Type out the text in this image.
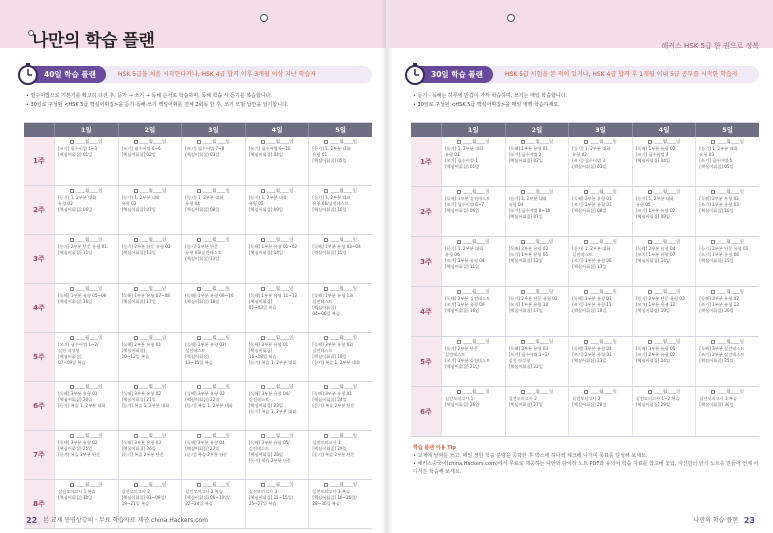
나만의 학습 플랜
40일 학습 플랜	HSK 5급을 처음 시작한다거나, HSK 4급 합격 이후 3개월 이상 지난 학습자
• 필수어법으로 기본기를 확고히 다진 후, 듣기 → 쓰기 → 독해 순서로 학습하며, 독해 학습 시 듣기를 복습합니다.
• 30일로 구성된 <HSK 5급 핵심어휘집>을 듣기·독해·쓰기 핵심어휘를 전체 2회독 한 후, 쓰기 모범 답안을 암기합니다.
1일	2일	3일	4일	5일
1주
____월____일
[쓰기] 필수어법 1~3
[핵심어휘집] 01일
____월____일
[쓰기] 필수어법 4~6
[핵심어휘집] 02일
____월____일
[쓰기] 필수어법 7~8
[핵심어휘집] 03일
____월____일
[쓰기] 필수어법 9~10
[핵심어휘집] 04일
____월____일
[듣기] 1, 2부분 대화
유형 01
[핵심어휘집] 05일
2주
____월____일
[듣기] 1, 2부분 대화
유형 02
[핵심어휘집] 06일
____월____일
[듣기] 1, 2부분 대화
유형 03
[핵심어휘집] 07일
____월____일
[듣기] 1, 2부분 대화
유형 04
[핵심어휘집] 08일
____월____일
[듣기] 1, 2부분 대화
유형 05
[핵심어휘집] 09일
____월____일
[듣기] 1, 2부분 대화
유형 06/실전테스트
[핵심어휘집] 10일
3주
____월____일
[듣기] 2부분 단문 유형 01
[핵심어휘집] 11일
____월____일
[듣기] 2부분 단문 유형 02
[핵심어휘집] 12일
____월____일
[듣기] 2부분 단문
유형 03/실전테스트
[핵심어휘집] 13일
____월____일
[독해] 1부분 유형 01~02
[핵심어휘집] 14일
____월____일
[독해] 1부분 유형 03~04
[핵심어휘집] 15일
4주
____월____일
[독해] 1부분 유형 05~06
[핵심어휘집] 16일
____월____일
[독해] 1부분 유형 07~08
[핵심어휘집] 17일
____월____일
[독해] 1부분 유형 09~10
[핵심어휘집] 18일
____월____일
[독해] 1부분 유형 11~12
[핵심어휘집]
01~03일 복습
____월____일
[독해] 1부분 유형 13/
실전테스트
[핵심어휘집]
04~06일 복습
5주
____월____일
[쓰기] 필수어법 1~2/
실전 적성형
[핵심어휘집]
07~09일 복습
____월____일
[독해] 2부분 유형 01
[핵심어휘집]
10~12일 복습
____월____일
[독해] 2부분 유형 02/
실전테스트
[핵심어휘집]
13~15일 복습
____월____일
[독해] 3부분 유형 01
[핵심어휘집]
16~18일 복습
[듣기] 복습 1, 2부분 대화
____월____일
[독해] 3부분 유형 02/
실전테스트
[핵심어휘집] 19일
[듣기] 복습 1, 2부분 대화
6주
____월____일
[독해] 3부분 유형 01
[핵심어휘집] 20일
[듣기] 복습 1, 2부분 대화
____월____일
[독해] 3부분 유형 02
[핵심어휘집] 21일
[듣기] 복습 1, 2부분 대화
____월____일
[독해] 3부분 유형 03
[핵심어휘집] 22일
[듣기] 복습 1, 2부분 대화
____월____일
[독해] 3부분 유형 04/
실전테스트
[핵심어휘집] 23일
[듣기] 복습 1, 2부분 대화
____월____일
[독해] 3부분 유형 01
[핵심어휘집] 24일
[듣기] 복습 2부분 단문
7주
____월____일
[독해] 3부분 유형 02
[핵심어휘집] 25일
[듣기] 복습 2부분 단문
____월____일
[독해] 3부분 유형 03
[핵심어휘집] 26일
[듣기] 복습 2부분 단문
____월____일
[독해] 3부분 유형 04
[핵심어휘집] 27일
[듣기] 복습 2부분 단문
____월____일
[독해] 3부분 유형 05/
실전테스트
[핵심어휘집] 28일
[듣기] 복습 2부분 단문
____월____일
실전모의고사 1
[핵심어휘집] 29일
[듣기] 복습 2부분 단문
8주
____월____일
실전모의고사 1 복습
[핵심어휘집] 30일
____월____일
실전모의고사 2
[핵심어휘집] 01~09일/
19~21일 복습
____월____일
실전모의고사 2 복습
[핵심어휘집] 06~10일/
22~24일 복습
____월____일
실전모의고사 3
[핵심어휘집] 11~15일/
25~27일 복습
____월____일
실전모의고사 3 복습
[핵심어휘집] 16~20일/
28~30일 복습
22 본 교재 동영상강의 · 무료 학습자료 제공 china.Hackers.com
해커스 HSK 5급 한 권으로 정복
30일 학습 플랜	HSK 5급 시험을 본 적이 있거나, HSK 4급 합격 후 1개월 이내 5급 공부를 시작한 학습자
• 듣기 · 독해는 하루에 반갑이 가까 학습하며, 쓰기는 매일 학습합니다.
• 30일로 구성된 <HSK 5급 핵심어휘집>을 매일 병행 학습하세요.
1일	2일	3일	4일	5일
1주
____월____일
[듣기] 1, 2부분 대화
유형 01
[쓰기] 필수어법 1
[핵심어휘집] 01일
____월____일
[독해] 1부분 유형 01
[쓰기] 필수어법 2
[핵심어휘집] 02일
____월____일
[듣기] 1, 2부분 대화
유형 02
[쓰기] 필수어법 3
[핵심어휘집] 03일
____월____일
[독해] 1부분 유형 02
[쓰기] 필수어법 4
[핵심어휘집] 04일
____월____일
[듣기] 1, 2부분 대화
유형 03
[쓰기] 필수어법 5
[핵심어휘집] 05일
2주
____월____일
[독해] 1부분 실전테스트
[쓰기] 필수어법 6~7
[핵심어휘집] 06일
____월____일
[듣기] 1, 2부분 대화
유형 04
[쓰기] 필수어법 8~10
[핵심어휘집] 07일
____월____일
[독해] 2부분 유형 01
[쓰기] 1부분 유형 01
[핵심어휘집] 08일
____월____일
[듣기] 1, 2부분 대화
유형 05
[쓰기] 1부분 유형 02
[핵심어휘집] 09일
____월____일
[독해] 2부분 유형 02
[쓰기] 1부분 유형 03
[핵심어휘집] 10일
3주
____월____일
[듣기] 1, 2부분 대화
유형 06
[쓰기] 1부분 유형 04
[핵심어휘집] 11일
____월____일
[독해] 2부분 유형 03
[쓰기] 1부분 유형 05
[핵심어휘집] 12일
____월____일
[듣기] 1, 2부분 대화
실전테스트
[쓰기] 1부분 유형 06
[핵심어휘집] 13일
____월____일
[독해] 2부분 유형 04
[쓰기] 1부분 유형 07
[핵심어휘집] 14일
____월____일
[듣기] 2부분 단문 유형 01
[쓰기] 1부분 유형 08
[핵심어휘집] 15일
4주
____월____일
[독해] 2부분 실전테스트
[쓰기] 1부분 유형 09
[핵심어휘집] 16일
____월____일
[듣기] 2부분 단문 유형 02
[쓰기] 1부분 유형 10
[핵심어휘집] 17일
____월____일
[독해] 3부분 유형 01
[쓰기] 1부분 유형 11
[핵심어휘집] 18일
____월____일
[듣기] 2부분 단문 유형 03
[쓰기] 1부분 유형 12
[핵심어휘집] 19일
____월____일
[독해] 3부분 유형 02
[쓰기] 1부분 유형 13
[핵심어휘집] 20일
5주
____월____일
[듣기] 2부분 단문
실전테스트
[쓰기] 1부분 실전테스트
[핵심어휘집] 21일
____월____일
[독해] 3부분 유형 03
[쓰기] 필수어법 1~2/
실전 적성형
[핵심어휘집] 22일
____월____일
[독해] 3부분 유형 04
[쓰기] 2부분 유형 01
[핵심어휘집] 23일
____월____일
[독해] 3부분 유형 05
[쓰기] 2부분 유형 02
[핵심어휘집] 24일
____월____일
[독해] 3부분 실전테스트
[쓰기] 2부분 실전테스트
[핵심어휘집] 25일
6주
____월____일
실전모의고사 1
[핵심어휘집] 26일
____월____일
실전모의고사 2
[핵심어휘집] 27일
____월____일
실전모의고사 3
[핵심어휘집] 28일
____월____일
실전모의고사 1~2 복습
[핵심어휘집] 29일
____월____일
실전모의고사 3 복습
[핵심어휘집] 30일
학습 플랜 이용 Tip
• 교재에 날짜를 쓰고, 매일 정한 학습 분량을 공략한 후 박스에 하나씩 체크해 나가며 목표를 달성해 보세요.
• 해커스중국어(china.Hackers.com)에서 무료로 제공하는 나만의 단어장 노트 PDF와 유의어 학습 자료를 참고해 놓았, 자신만의 암기 노트를 만들어 언제 어디서든 학습해 보세요.
나만의 학습 플랜 23
